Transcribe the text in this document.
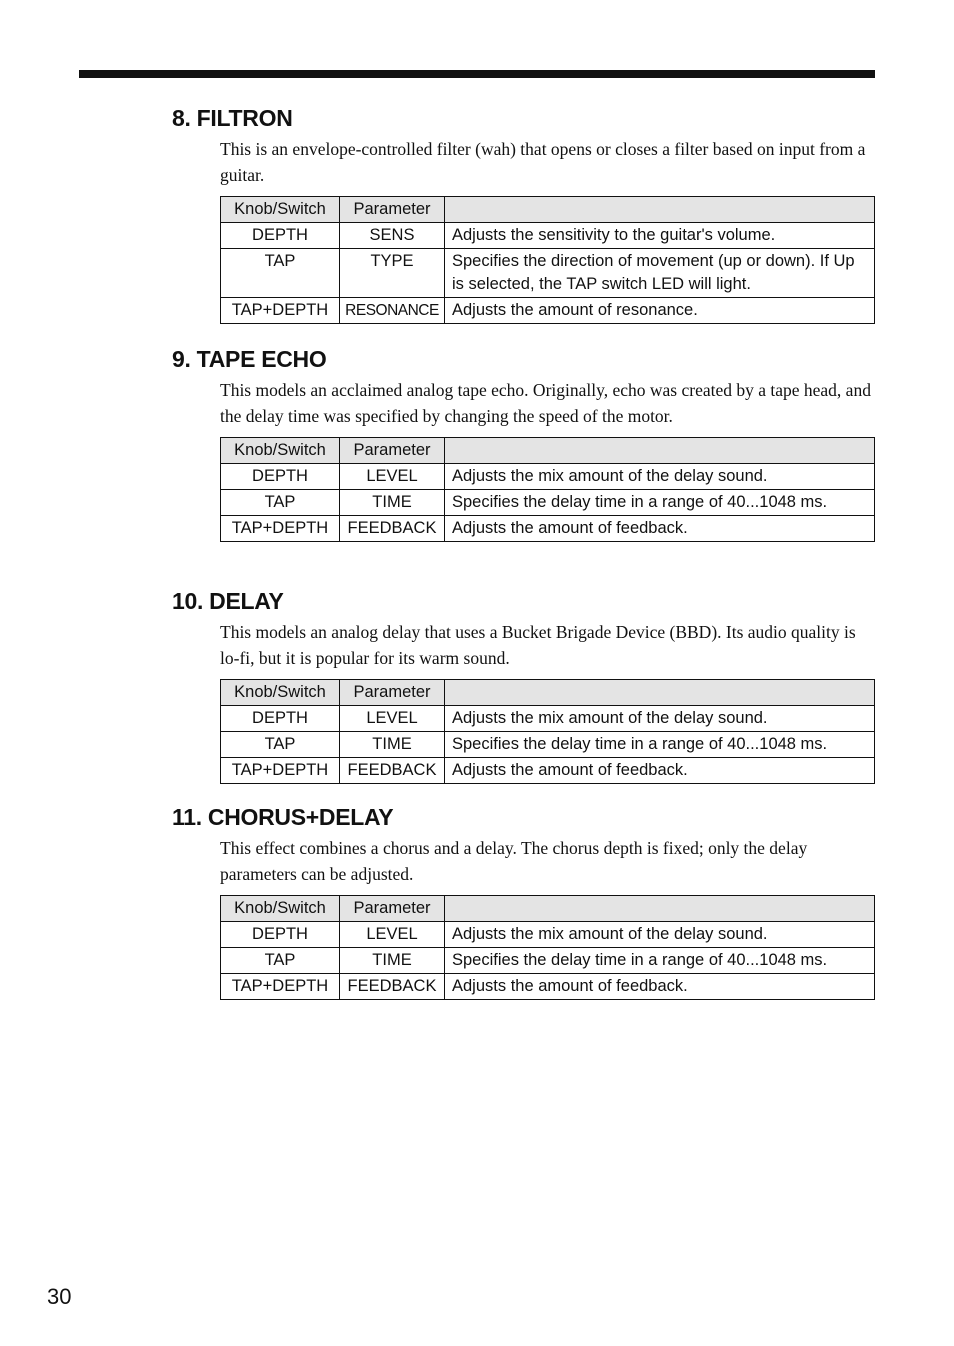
8. FILTRON

This is an envelope-controlled filter (wah) that opens or closes a filter based on input from a guitar.

Knob/Switch	Parameter	
DEPTH	SENS	Adjusts the sensitivity to the guitar's volume.
TAP	TYPE	Specifies the direction of movement (up or down). If Up is selected, the TAP switch LED will light.
TAP+DEPTH	RESONANCE	Adjusts the amount of resonance.
9. TAPE ECHO

This models an acclaimed analog tape echo. Originally, echo was created by a tape head, and the delay time was specified by changing the speed of the motor.

Knob/Switch	Parameter	
DEPTH	LEVEL	Adjusts the mix amount of the delay sound.
TAP	TIME	Specifies the delay time in a range of 40...1048 ms.
TAP+DEPTH	FEEDBACK	Adjusts the amount of feedback.
10. DELAY

This models an analog delay that uses a Bucket Brigade Device (BBD). Its audio quality is lo-fi, but it is popular for its warm sound.

Knob/Switch	Parameter	
DEPTH	LEVEL	Adjusts the mix amount of the delay sound.
TAP	TIME	Specifies the delay time in a range of 40...1048 ms.
TAP+DEPTH	FEEDBACK	Adjusts the amount of feedback.
11. CHORUS+DELAY

This effect combines a chorus and a delay. The chorus depth is fixed; only the delay parameters can be adjusted.

Knob/Switch	Parameter	
DEPTH	LEVEL	Adjusts the mix amount of the delay sound.
TAP	TIME	Specifies the delay time in a range of 40...1048 ms.
TAP+DEPTH	FEEDBACK	Adjusts the amount of feedback.
30
